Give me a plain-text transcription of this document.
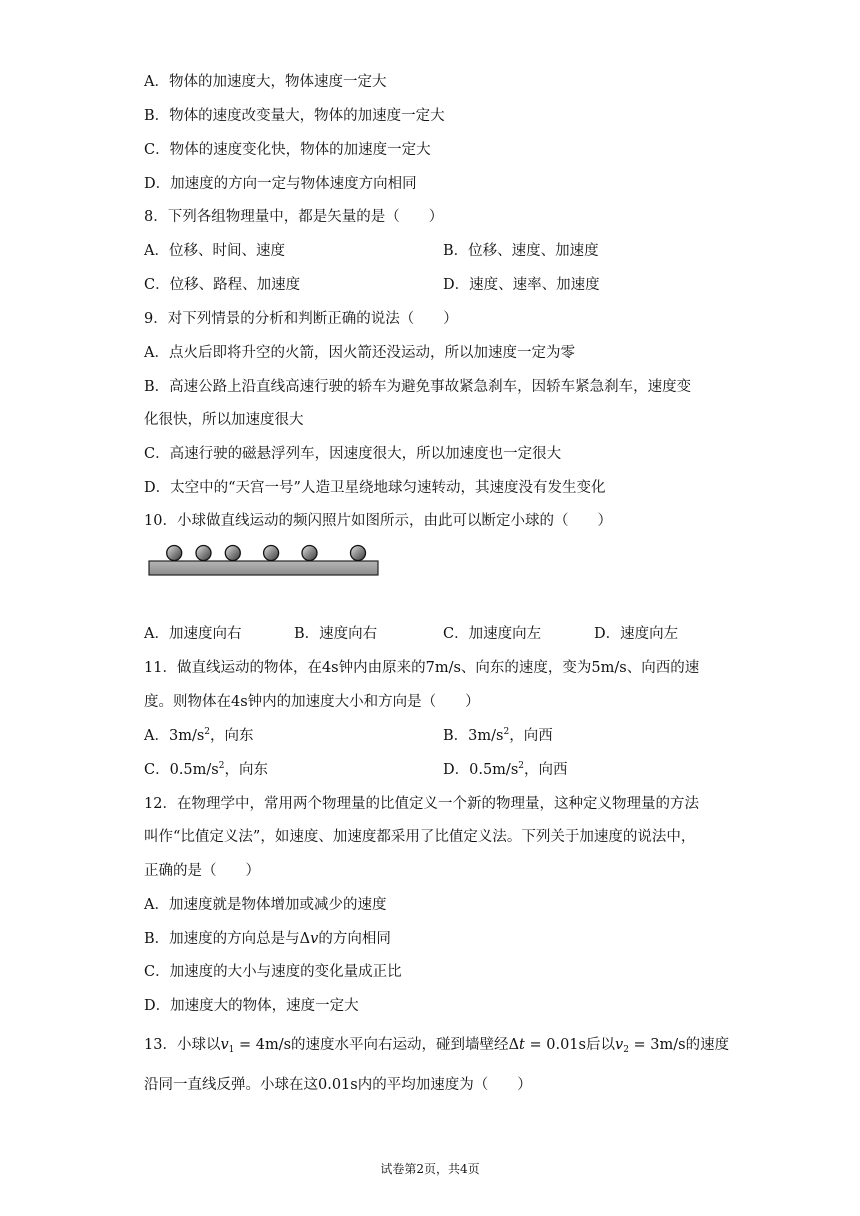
A．物体的加速度大，物体速度一定大
B．物体的速度改变量大，物体的加速度一定大
C．物体的速度变化快，物体的加速度一定大
D．加速度的方向一定与物体速度方向相同
8．下列各组物理量中，都是矢量的是（　　）
A．位移、时间、速度	B．位移、速度、加速度
C．位移、路程、加速度	D．速度、速率、加速度
9．对下列情景的分析和判断正确的说法（　　）
A．点火后即将升空的火箭，因火箭还没运动，所以加速度一定为零
B．高速公路上沿直线高速行驶的轿车为避免事故紧急刹车，因轿车紧急刹车，速度变
化很快，所以加速度很大
C．高速行驶的磁悬浮列车，因速度很大，所以加速度也一定很大
D．太空中的“天宫一号”人造卫星绕地球匀速转动，其速度没有发生变化
10．小球做直线运动的频闪照片如图所示，由此可以断定小球的（　　）
A．加速度向右	B．速度向右	C．加速度向左	D．速度向左
11．做直线运动的物体，在4s钟内由原来的7m/s、向东的速度，变为5m/s、向西的速
度。则物体在4s钟内的加速度大小和方向是（　　）
A．$3m/s^2$，向东	B．$3m/s^2$，向西
C．$0.5m/s^2$，向东	D．$0.5m/s^2$，向西
12．在物理学中，常用两个物理量的比值定义一个新的物理量，这种定义物理量的方法
叫作“比值定义法”，如速度、加速度都采用了比值定义法。下列关于加速度的说法中，
正确的是（　　）
A．加速度就是物体增加或减少的速度
B．加速度的方向总是与Δv的方向相同
C．加速度的大小与速度的变化量成正比
D．加速度大的物体，速度一定大
13．小球以$v_1 = 4m/s$的速度水平向右运动，碰到墙壁经Δt = 0.01s后以$v_2 = 3m/s$的速度
沿同一直线反弹。小球在这0.01s内的平均加速度为（　　）
试卷第2页，共4页
